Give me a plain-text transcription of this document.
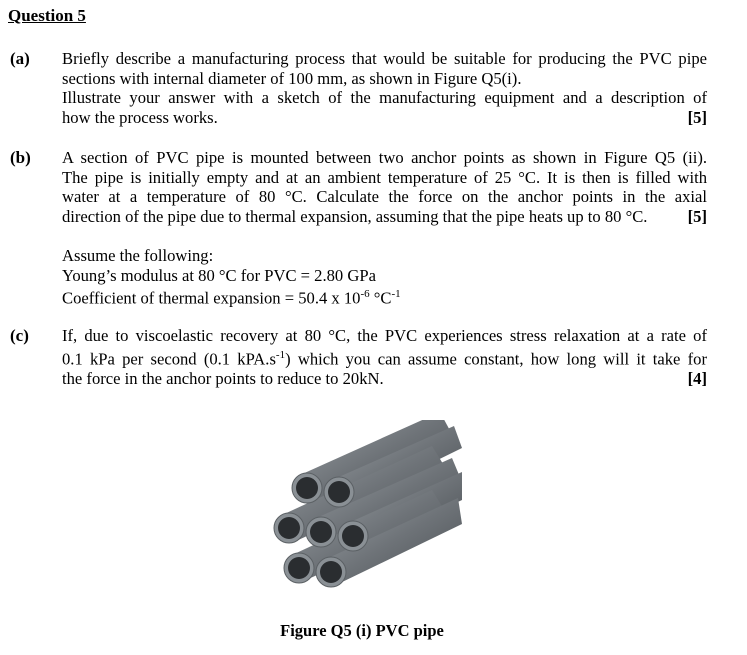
Question 5
(a) Briefly describe a manufacturing process that would be suitable for producing the PVC pipe
sections with internal diameter of 100 mm, as shown in Figure Q5(i).
Illustrate your answer with a sketch of the manufacturing equipment and a description of
how the process works.	[5]
(b) A section of PVC pipe is mounted between two anchor points as shown in Figure Q5 (ii).
The pipe is initially empty and at an ambient temperature of 25 °C. It is then is filled with
water at a temperature of 80 °C. Calculate the force on the anchor points in the axial
direction of the pipe due to thermal expansion, assuming that the pipe heats up to 80 °C. [5]
Assume the following:
Young’s modulus at 80 °C for PVC = 2.80 GPa
Coefficient of thermal expansion = 50.4 x $10^{-6}$ $^\circ C^{-1}$
(c) If, due to viscoelastic recovery at 80 °C, the PVC experiences stress relaxation at a rate of
0.1 kPa per second (0.1 $kPA.s^{-1}$) which you can assume constant, how long will it take for
the force in the anchor points to reduce to 20kN.	[4]
Figure Q5 (i) PVC pipe
